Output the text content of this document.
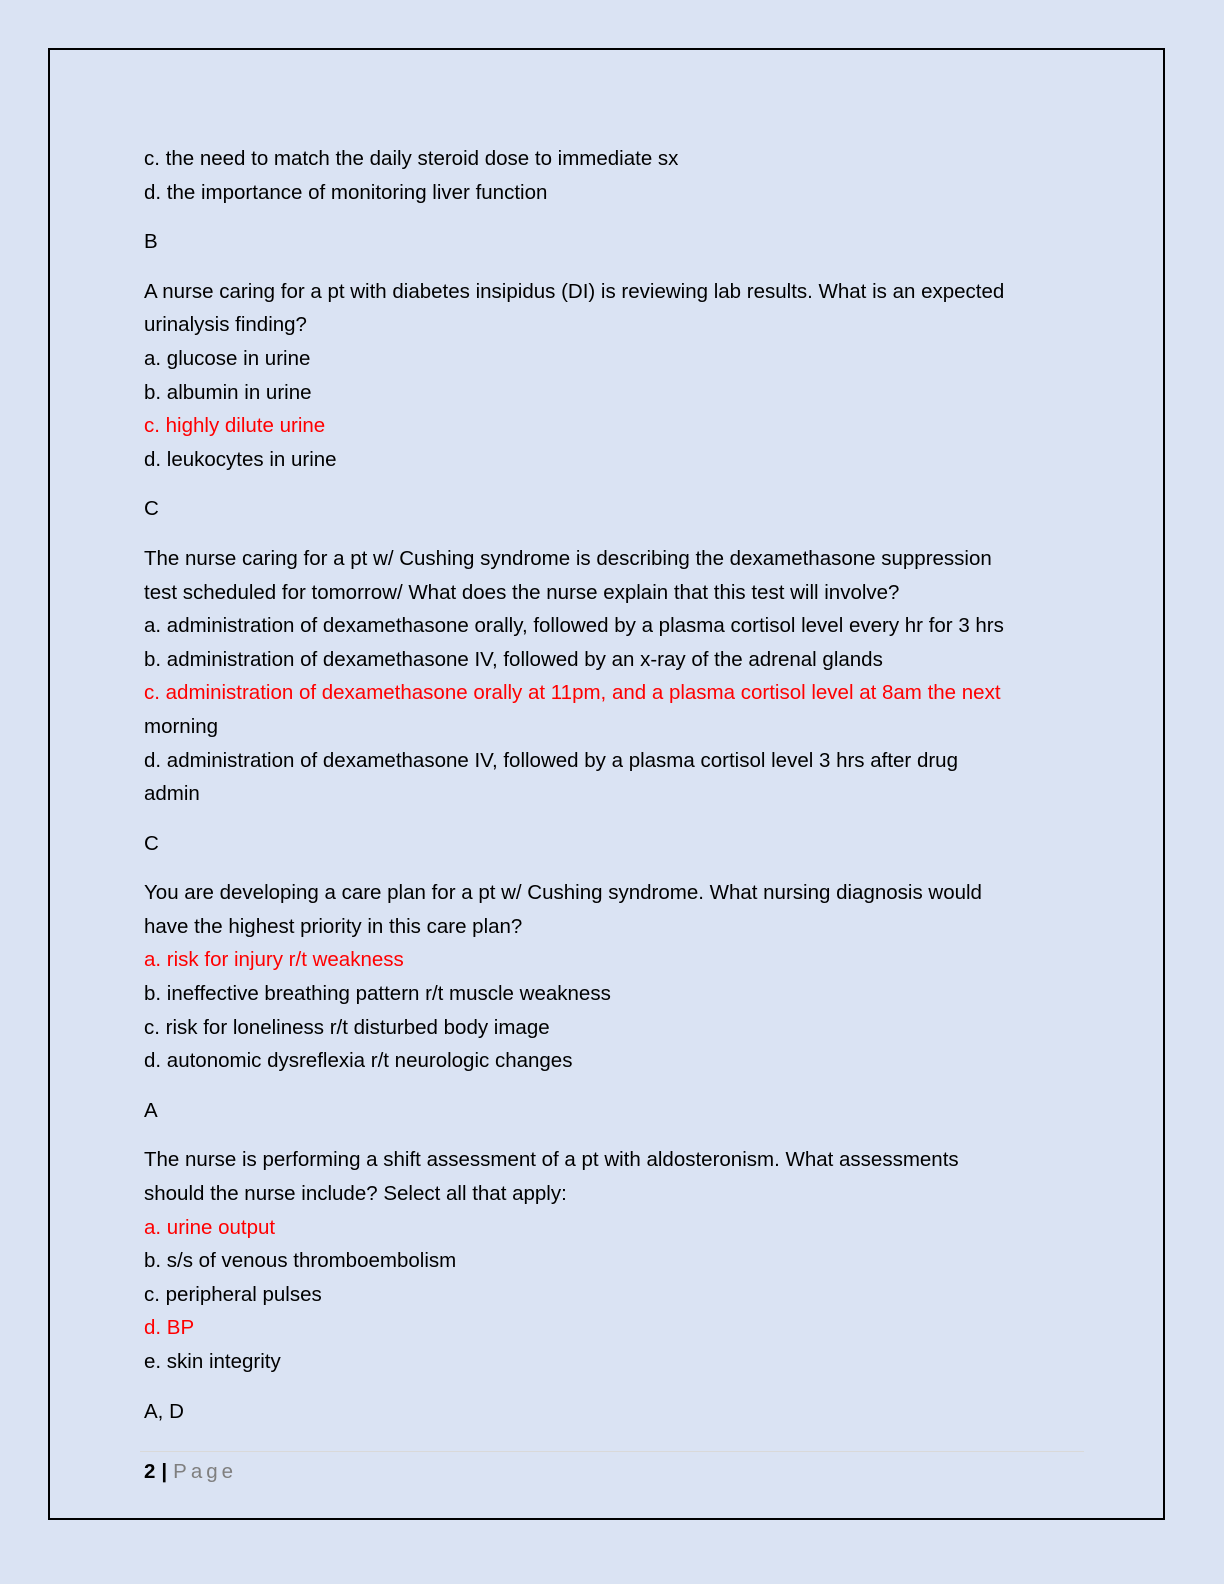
c. the need to match the daily steroid dose to immediate sx
d. the importance of monitoring liver function
B
A nurse caring for a pt with diabetes insipidus (DI) is reviewing lab results. What is an expected
urinalysis finding?
a. glucose in urine
b. albumin in urine
c. highly dilute urine
d. leukocytes in urine
C
The nurse caring for a pt w/ Cushing syndrome is describing the dexamethasone suppression
test scheduled for tomorrow/ What does the nurse explain that this test will involve?
a. administration of dexamethasone orally, followed by a plasma cortisol level every hr for 3 hrs
b. administration of dexamethasone IV, followed by an x-ray of the adrenal glands
c. administration of dexamethasone orally at 11pm, and a plasma cortisol level at 8am the next
morning
d. administration of dexamethasone IV, followed by a plasma cortisol level 3 hrs after drug
admin
C
You are developing a care plan for a pt w/ Cushing syndrome. What nursing diagnosis would
have the highest priority in this care plan?
a. risk for injury r/t weakness
b. ineffective breathing pattern r/t muscle weakness
c. risk for loneliness r/t disturbed body image
d. autonomic dysreflexia r/t neurologic changes
A
The nurse is performing a shift assessment of a pt with aldosteronism. What assessments
should the nurse include? Select all that apply:
a. urine output
b. s/s of venous thromboembolism
c. peripheral pulses
d. BP
e. skin integrity
A, D
2 | Page
